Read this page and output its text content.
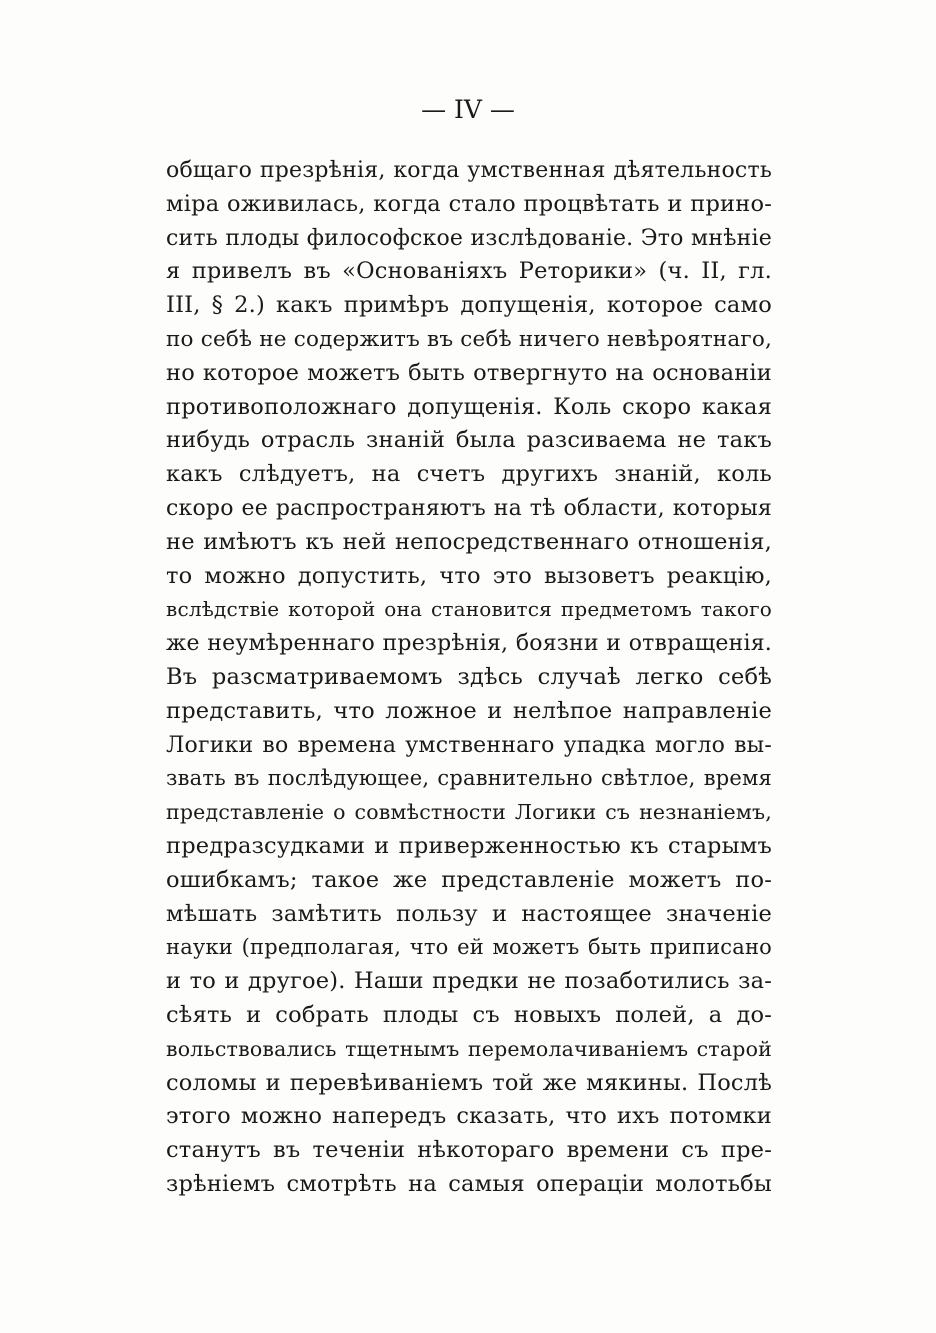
— IV —
общаго презрѣнія, когда умственная дѣятельность
міра оживилась, когда стало процвѣтать и прино-
сить плоды философское изслѣдованіе. Это мнѣніе
я привелъ въ «Основаніяхъ Реторики» (ч. II, гл.
III, § 2.) какъ примѣръ допущенія, которое само
по себѣ не содержитъ въ себѣ ничего невѣроятнаго,
но которое можетъ быть отвергнуто на основаніи
противоположнаго допущенія. Коль скоро какая
нибудь отрасль знаній была разсиваема не такъ
какъ слѣдуетъ, на счетъ другихъ знаній, коль
скоро ее распространяютъ на тѣ области, которыя
не имѣютъ къ ней непосредственнаго отношенія,
то можно допустить, что это вызоветъ реакцію,
вслѣдствіе которой она становится предметомъ такого
же неумѣреннаго презрѣнія, боязни и отвращенія.
Въ разсматриваемомъ здѣсь случаѣ легко себѣ
представить, что ложное и нелѣпое направленіе
Логики во времена умственнаго упадка могло вы-
звать въ послѣдующее, сравнительно свѣтлое, время
представленіе о совмѣстности Логики съ незнаніемъ,
предразсудками и приверженностью къ старымъ
ошибкамъ; такое же представленіе можетъ по-
мѣшать замѣтить пользу и настоящее значеніе
науки (предполагая, что ей можетъ быть приписано
и то и другое). Наши предки не позаботились за-
сѣять и собрать плоды съ новыхъ полей, а до-
вольствовались тщетнымъ перемолачиваніемъ старой
соломы и перевѣиваніемъ той же мякины. Послѣ
этого можно напередъ сказать, что ихъ потомки
станутъ въ теченіи нѣкотораго времени съ пре-
зрѣніемъ смотрѣть на самыя операціи молотьбы
